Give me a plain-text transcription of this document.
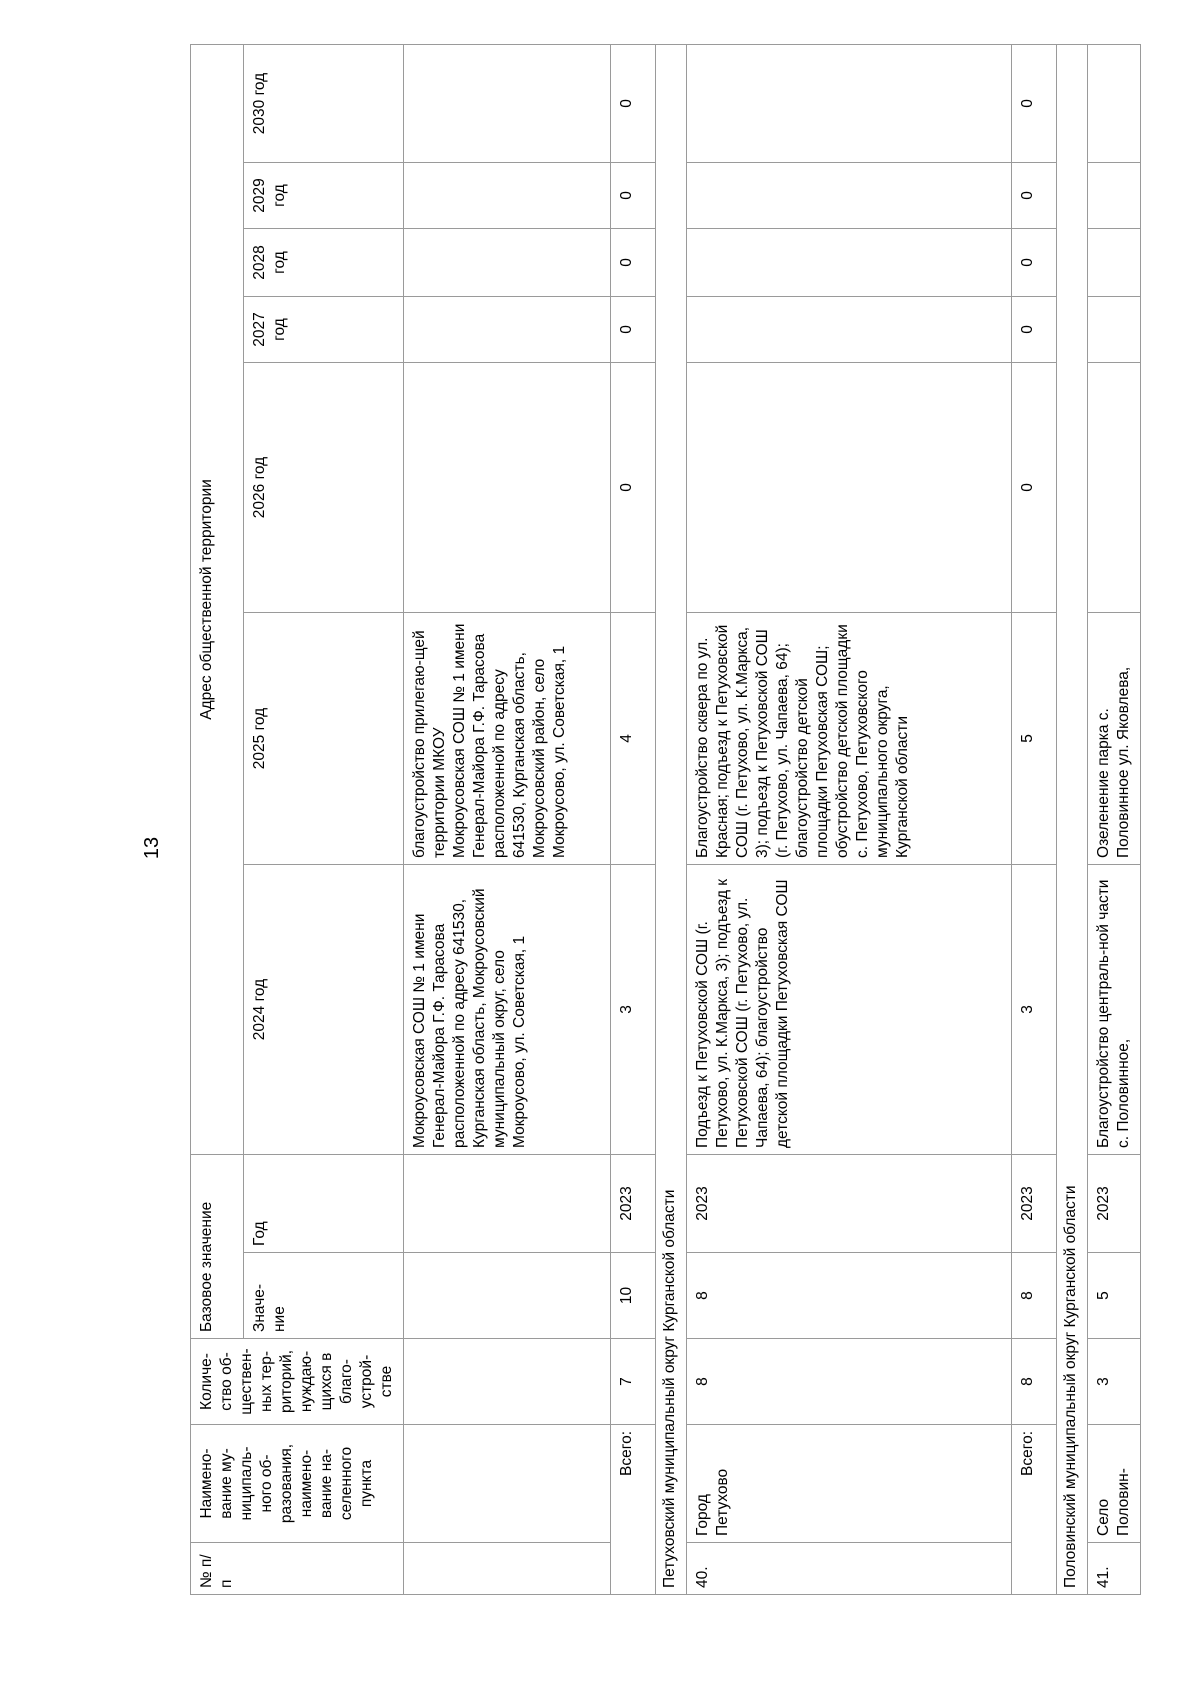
13
№ п/п	Наимено-вание му-ниципаль-ного об-разования, наимено-вание на-селенного пункта	Количе-ство об-ществен-ных тер-риторий, нуждаю-щихся в благо-устрой-стве	Базовое значение		Адрес общественной территории						
			Значе-ние	Год	2024 год	2025 год	2026 год	2027 год	2028 год	2029 год	2030 год
					Мокроусовская СОШ № 1 имени Генерал-Майора Г.Ф. Тарасова расположенной по адресу 641530, Курганская область, Мокроусовский муниципальный округ, село Мокроусово, ул. Советская, 1	благоустройство прилегаю-щей территории МКОУ Мокроусовская СОШ № 1 имени Генерал-Майора Г.Ф. Тарасова расположенной по адресу 641530, Курганская область, Мокроусовский район, село Мокроусово, ул. Советская, 1					
Всего:		7	10	2023	3	4	0	0	0	0	0
Петуховский муниципальный округ Курганской области											
40.	Город Петухово	8	8	2023	Подъезд к Петуховской СОШ (г. Петухово, ул. К.Маркса, 3); подъезд к Петуховской СОШ (г. Петухово, ул. Чапаева, 64); благоустройство детской площадки Петуховская СОШ	Благоустройство сквера по ул. Красная; подъезд к Петуховской СОШ (г. Петухово, ул. К.Маркса, 3); подъезд к Петуховской СОШ (г. Петухово, ул. Чапаева, 64); благоустройство детской площадки Петуховская СОШ; обустройство детской площадки с. Петухово, Петуховского муниципального округа, Курганской области					
Всего:		8	8	2023	3	5	0	0	0	0	0
Половинский муниципальный округ Курганской области											
41.	Село Половин-	3	5	2023	Благоустройство централь-ной части с. Половинное,	Озеленение парка с. Половинное ул. Яковлева,					
